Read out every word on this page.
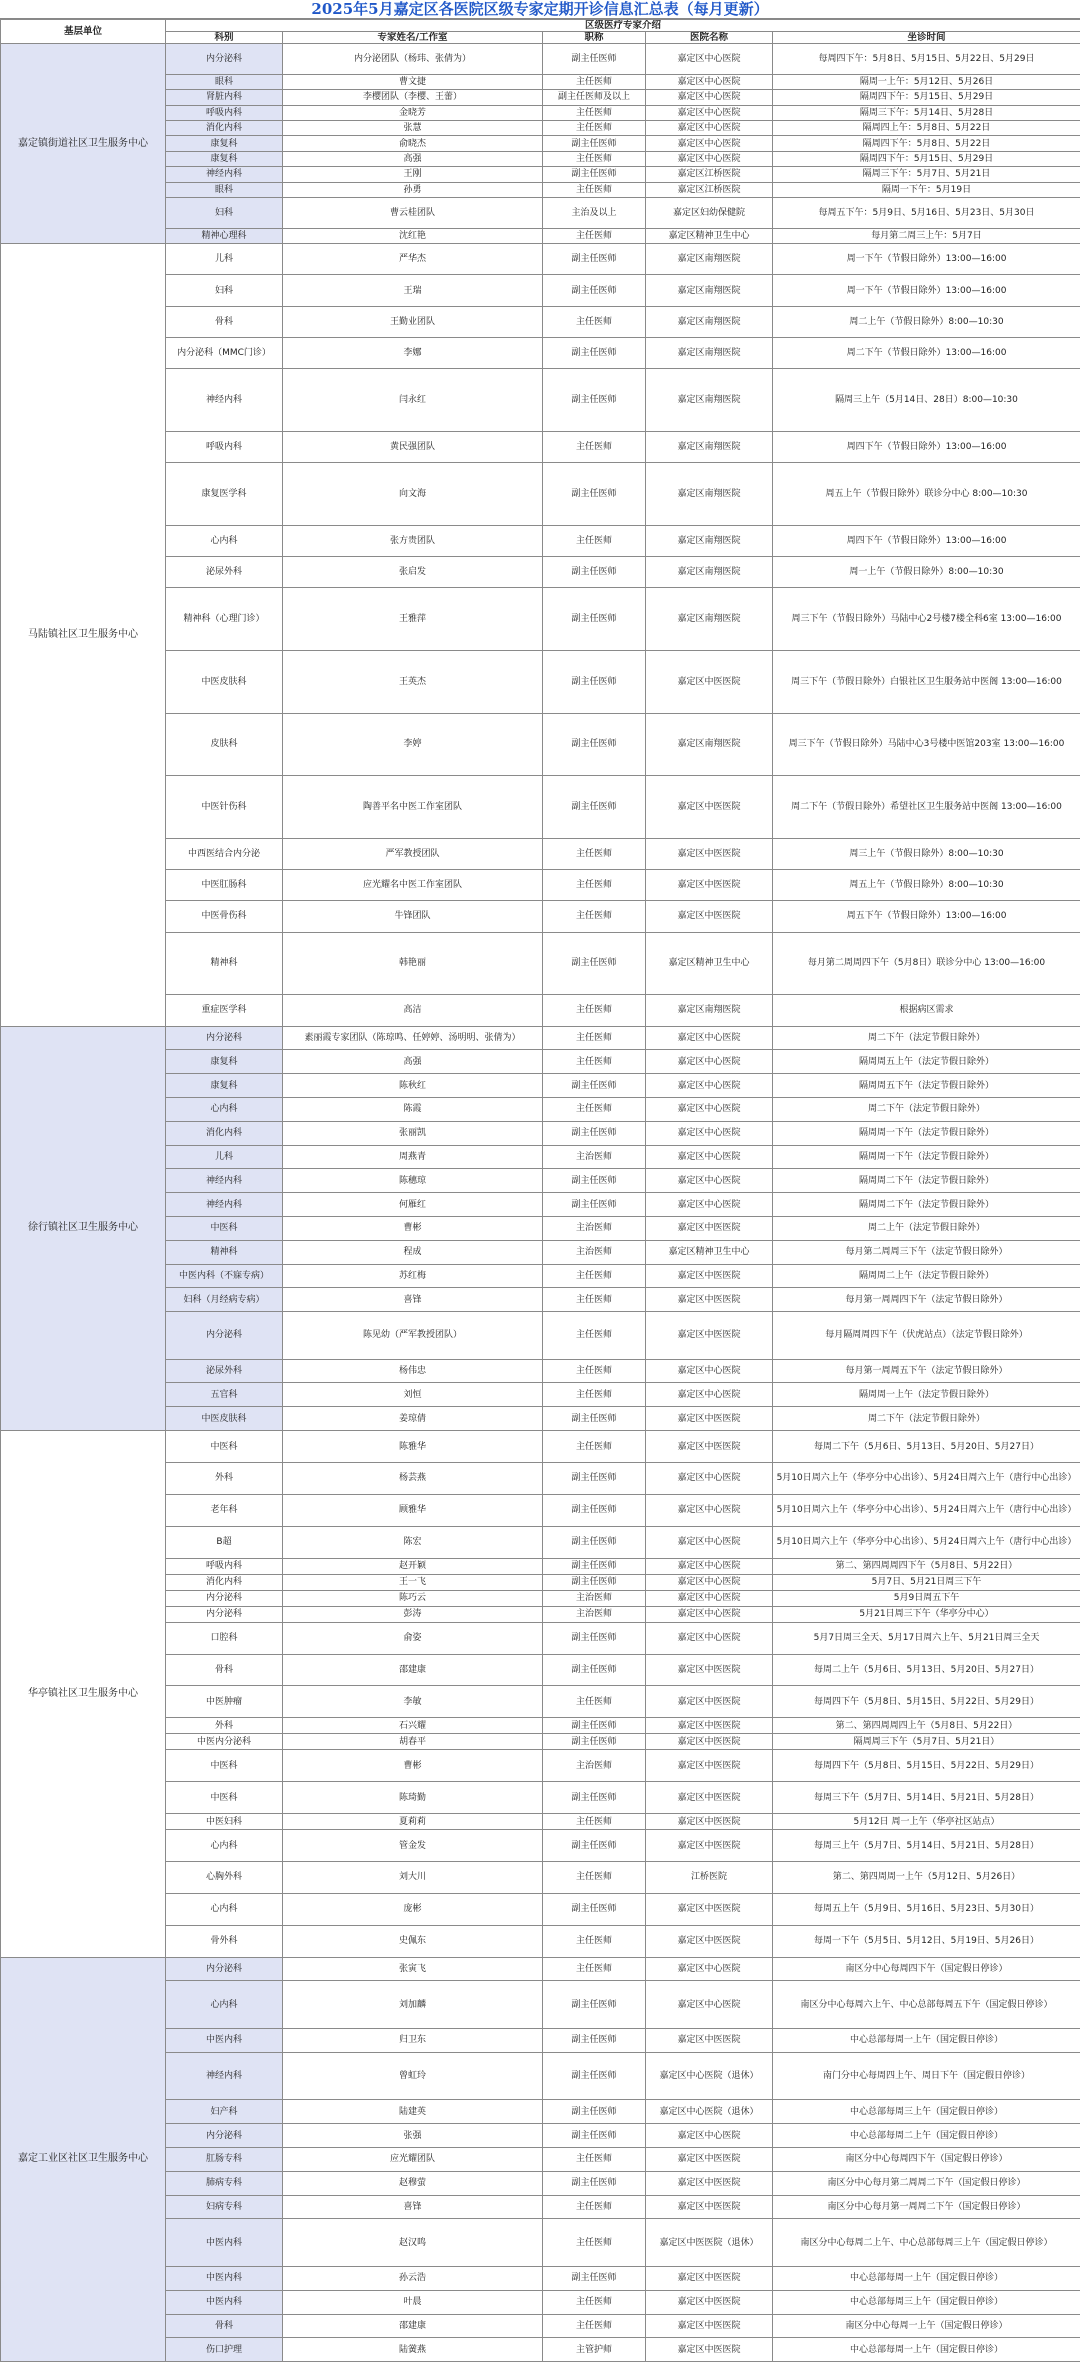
2025年5月嘉定区各医院区级专家定期开诊信息汇总表（每月更新）
基层单位	区级医疗专家介绍				
	科别	专家姓名/工作室	职称	医院名称	坐诊时间
嘉定镇街道社区卫生服务中心	内分泌科	内分泌团队（杨玮、张倩为）	副主任医师	嘉定区中心医院	每周四下午：5月8日、5月15日、5月22日、5月29日
	眼科	曹文捷	主任医师	嘉定区中心医院	隔周一上午：5月12日、5月26日
	肾脏内科	李樱团队（李樱、王蕾）	副主任医师及以上	嘉定区中心医院	隔周四下午：5月15日、5月29日
	呼吸内科	金晓芳	主任医师	嘉定区中心医院	隔周三下午：5月14日、5月28日
	消化内科	张慧	主任医师	嘉定区中心医院	隔周四上午：5月8日、5月22日
	康复科	俞晓杰	副主任医师	嘉定区中心医院	隔周四下午：5月8日、5月22日
	康复科	高强	主任医师	嘉定区中心医院	隔周四下午：5月15日、5月29日
	神经内科	王刚	副主任医师	嘉定区江桥医院	隔周三下午：5月7日、5月21日
	眼科	孙勇	主任医师	嘉定区江桥医院	隔周一下午：5月19日
	妇科	曹云桂团队	主治及以上	嘉定区妇幼保健院	每周五下午：5月9日、5月16日、5月23日、5月30日
	精神心理科	沈红艳	主任医师	嘉定区精神卫生中心	每月第二周三上午：5月7日
马陆镇社区卫生服务中心	儿科	严华杰	副主任医师	嘉定区南翔医院	周一下午（节假日除外）13:00—16:00
	妇科	王瑞	副主任医师	嘉定区南翔医院	周一下午（节假日除外）13:00—16:00
	骨科	王勤业团队	主任医师	嘉定区南翔医院	周二上午（节假日除外）8:00—10:30
	内分泌科（MMC门诊）	李娜	副主任医师	嘉定区南翔医院	周二下午（节假日除外）13:00—16:00
	神经内科	闫永红	副主任医师	嘉定区南翔医院	隔周三上午（5月14日、28日）8:00—10:30
	呼吸内科	黄民强团队	主任医师	嘉定区南翔医院	周四下午（节假日除外）13:00—16:00
	康复医学科	向文海	副主任医师	嘉定区南翔医院	周五上午（节假日除外）联诊分中心 8:00—10:30
	心内科	张方贵团队	主任医师	嘉定区南翔医院	周四下午（节假日除外）13:00—16:00
	泌尿外科	张启发	副主任医师	嘉定区南翔医院	周一上午（节假日除外）8:00—10:30
	精神科（心理门诊）	王雅萍	副主任医师	嘉定区南翔医院	周三下午（节假日除外）马陆中心2号楼7楼全科6室 13:00—16:00
	中医皮肤科	王英杰	副主任医师	嘉定区中医医院	周三下午（节假日除外）白银社区卫生服务站中医阁 13:00—16:00
	皮肤科	李婷	副主任医师	嘉定区南翔医院	周三下午（节假日除外）马陆中心3号楼中医馆203室 13:00—16:00
	中医针伤科	陶善平名中医工作室团队	副主任医师	嘉定区中医医院	周二下午（节假日除外）希望社区卫生服务站中医阁 13:00—16:00
	中西医结合内分泌	严军教授团队	主任医师	嘉定区中医医院	周三上午（节假日除外）8:00—10:30
	中医肛肠科	应光耀名中医工作室团队	主任医师	嘉定区中医医院	周五上午（节假日除外）8:00—10:30
	中医骨伤科	牛锋团队	主任医师	嘉定区中医医院	周五下午（节假日除外）13:00—16:00
	精神科	韩艳丽	副主任医师	嘉定区精神卫生中心	每月第二周周四下午（5月8日）联诊分中心 13:00—16:00
	重症医学科	高洁	主任医师	嘉定区南翔医院	根据病区需求
徐行镇社区卫生服务中心	内分泌科	素丽霞专家团队（陈琼鸣、任婷婷、汤明明、张倩为）	主任医师	嘉定区中心医院	周二下午（法定节假日除外）
	康复科	高强	主任医师	嘉定区中心医院	隔周周五上午（法定节假日除外）
	康复科	陈秋红	副主任医师	嘉定区中心医院	隔周周五下午（法定节假日除外）
	心内科	陈霞	主任医师	嘉定区中心医院	周二下午（法定节假日除外）
	消化内科	张丽凯	副主任医师	嘉定区中心医院	隔周周一下午（法定节假日除外）
	儿科	周燕青	主治医师	嘉定区中心医院	隔周周一下午（法定节假日除外）
	神经内科	陈穗琼	副主任医师	嘉定区中心医院	隔周周二下午（法定节假日除外）
	神经内科	何雁红	副主任医师	嘉定区中心医院	隔周周二下午（法定节假日除外）
	中医科	曹彬	主治医师	嘉定区中医医院	周二上午（法定节假日除外）
	精神科	程成	主治医师	嘉定区精神卫生中心	每月第二周周三下午（法定节假日除外）
	中医内科（不寐专病）	苏红梅	主任医师	嘉定区中医医院	隔周周二上午（法定节假日除外）
	妇科（月经病专病）	喜锋	主任医师	嘉定区中医医院	每月第一周周四下午（法定节假日除外）
	内分泌科	陈见幼（严军教授团队）	主任医师	嘉定区中医医院	每月隔周周四下午（伏虎站点）（法定节假日除外）
	泌尿外科	杨伟忠	主任医师	嘉定区中心医院	每月第一周周五下午（法定节假日除外）
	五官科	刘恒	主任医师	嘉定区中心医院	隔周周一上午（法定节假日除外）
	中医皮肤科	姜琼倩	副主任医师	嘉定区中医医院	周二下午（法定节假日除外）
华亭镇社区卫生服务中心	中医科	陈雅华	主任医师	嘉定区中医医院	每周二下午（5月6日、5月13日、5月20日、5月27日）
	外科	杨芸燕	副主任医师	嘉定区中心医院	5月10日周六上午（华亭分中心出诊）、5月24日周六上午（唐行中心出诊）
	老年科	顾雅华	副主任医师	嘉定区中心医院	5月10日周六上午（华亭分中心出诊）、5月24日周六上午（唐行中心出诊）
	B超	陈宏	副主任医师	嘉定区中心医院	5月10日周六上午（华亭分中心出诊）、5月24日周六上午（唐行中心出诊）
	呼吸内科	赵开颖	副主任医师	嘉定区中心医院	第二、第四周周四下午（5月8日、5月22日）
	消化内科	王一飞	副主任医师	嘉定区中心医院	5月7日、5月21日周三下午
	内分泌科	陈巧云	主治医师	嘉定区中心医院	5月9日周五下午
	内分泌科	彭涛	主治医师	嘉定区中心医院	5月21日周三下午（华亭分中心）
	口腔科	俞姿	副主任医师	嘉定区中心医院	5月7日周三全天、5月17日周六上午、5月21日周三全天
	骨科	邵建康	副主任医师	嘉定区中医医院	每周二上午（5月6日、5月13日、5月20日、5月27日）
	中医肿瘤	李敏	主任医师	嘉定区中医医院	每周四下午（5月8日、5月15日、5月22日、5月29日）
	外科	石兴耀	副主任医师	嘉定区中医医院	第二、第四周周四上午（5月8日、5月22日）
	中医内分泌科	胡春平	副主任医师	嘉定区中医医院	隔周周三下午（5月7日、5月21日）
	中医科	曹彬	主治医师	嘉定区中医医院	每周四下午（5月8日、5月15日、5月22日、5月29日）
	中医科	陈琦勤	副主任医师	嘉定区中医医院	每周三下午（5月7日、5月14日、5月21日、5月28日）
	中医妇科	夏莉莉	主任医师	嘉定区中医医院	5月12日 周一上午（华亭社区站点）
	心内科	管金发	副主任医师	嘉定区中医医院	每周三上午（5月7日、5月14日、5月21日、5月28日）
	心胸外科	刘大川	主任医师	江桥医院	第二、第四周周一上午（5月12日、5月26日）
	心内科	庞彬	副主任医师	嘉定区中医医院	每周五上午（5月9日、5月16日、5月23日、5月30日）
	骨外科	史佩东	主任医师	嘉定区中医医院	每周一下午（5月5日、5月12日、5月19日、5月26日）
嘉定工业区社区卫生服务中心	内分泌科	张寅飞	主任医师	嘉定区中心医院	南区分中心每周四下午（国定假日停诊）
	心内科	刘加麟	副主任医师	嘉定区中心医院	南区分中心每周六上午、中心总部每周五下午（国定假日停诊）
	中医内科	归卫东	副主任医师	嘉定区中医医院	中心总部每周一上午（国定假日停诊）
	神经内科	曾虹玲	副主任医师	嘉定区中心医院（退休）	南门分中心每周四上午、周日下午（国定假日停诊）
	妇产科	陆建英	副主任医师	嘉定区中心医院（退休）	中心总部每周三上午（国定假日停诊）
	内分泌科	张强	副主任医师	嘉定区中心医院	中心总部每周二上午（国定假日停诊）
	肛肠专科	应光耀团队	主任医师	嘉定区中医医院	南区分中心每周四下午（国定假日停诊）
	肺病专科	赵穆萤	副主任医师	嘉定区中医医院	南区分中心每月第二周周二下午（国定假日停诊）
	妇病专科	喜锋	主任医师	嘉定区中医医院	南区分中心每月第一周周二下午（国定假日停诊）
	中医内科	赵汉鸣	主任医师	嘉定区中医医院（退休）	南区分中心每周二上午、中心总部每周三上午（国定假日停诊）
	中医内科	孙云浩	副主任医师	嘉定区中医医院	中心总部每周一上午（国定假日停诊）
	中医内科	叶晨	主任医师	嘉定区中医医院	中心总部每周三上午（国定假日停诊）
	骨科	邵建康	主任医师	嘉定区中医医院	南区分中心每周一上午（国定假日停诊）
	伤口护理	陆黉燕	主管护师	嘉定区中医医院	中心总部每周一上午（国定假日停诊）
